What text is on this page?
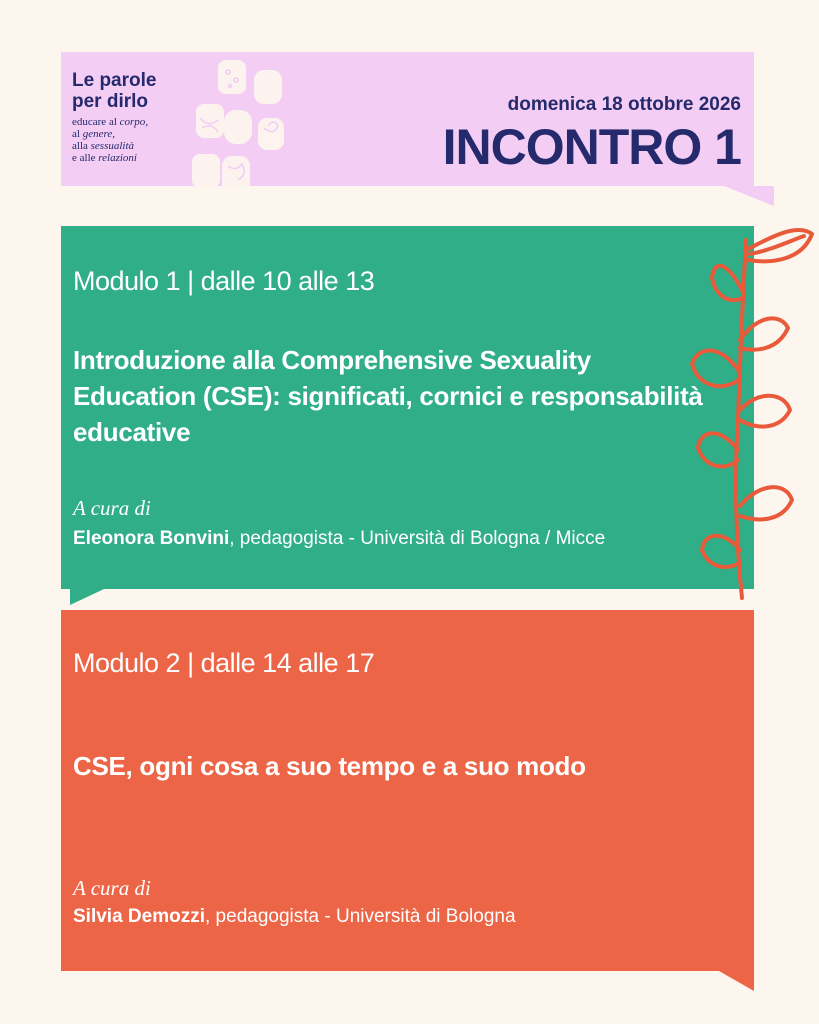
Le parole
per dirlo
educare al corpo,
al genere,
alla sessualità
e alle relazioni
domenica 18 ottobre 2026
INCONTRO 1
Modulo 1 | dalle 10 alle 13
Introduzione alla Comprehensive Sexuality Education (CSE): significati, cornici e responsabilità educative
A cura di
Eleonora Bonvini, pedagogista - Università di Bologna / Micce
Modulo 2 | dalle 14 alle 17
CSE, ogni cosa a suo tempo e a suo modo
A cura di
Silvia Demozzi, pedagogista - Università di Bologna
